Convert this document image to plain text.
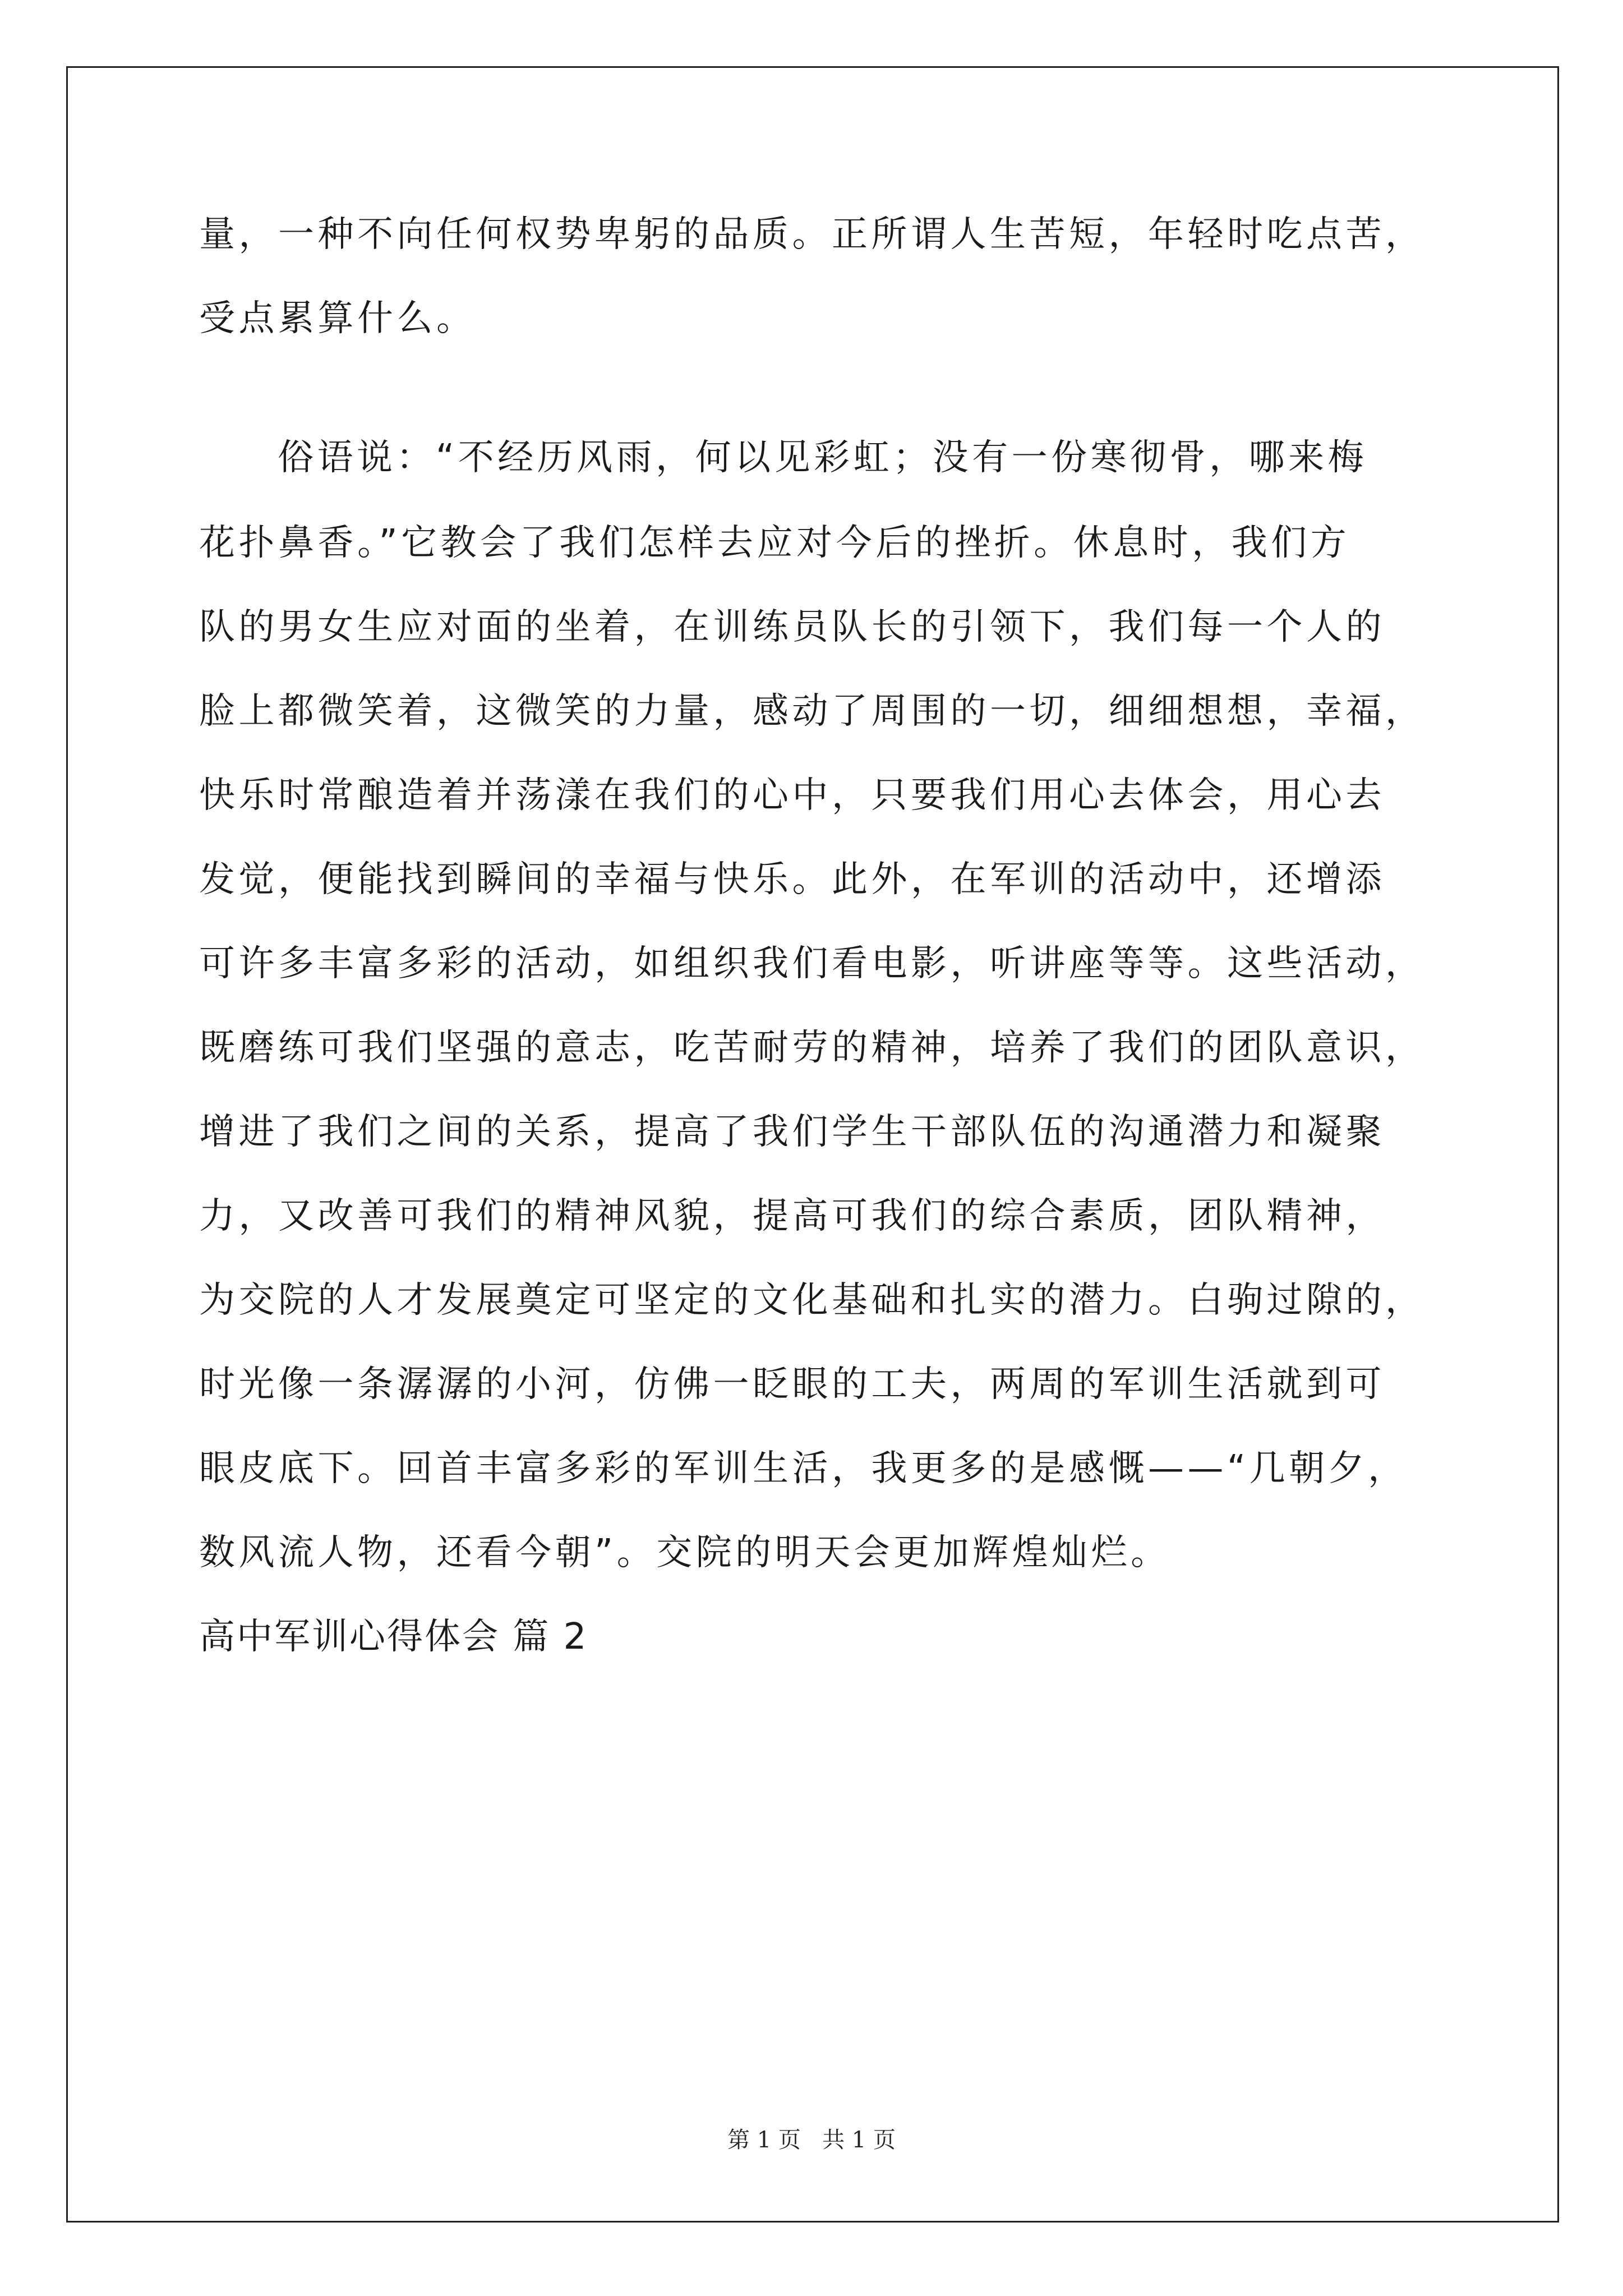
量，一种不向任何权势卑躬的品质。正所谓人生苦短，年轻时吃点苦，
受点累算什么。
俗语说：“不经历风雨，何以见彩虹；没有一份寒彻骨，哪来梅
花扑鼻香。”它教会了我们怎样去应对今后的挫折。休息时，我们方
队的男女生应对面的坐着，在训练员队长的引领下，我们每一个人的
脸上都微笑着，这微笑的力量，感动了周围的一切，细细想想，幸福，
快乐时常酿造着并荡漾在我们的心中，只要我们用心去体会，用心去
发觉，便能找到瞬间的幸福与快乐。此外，在军训的活动中，还增添
可许多丰富多彩的活动，如组织我们看电影，听讲座等等。这些活动，
既磨练可我们坚强的意志，吃苦耐劳的精神，培养了我们的团队意识，
增进了我们之间的关系，提高了我们学生干部队伍的沟通潜力和凝聚
力，又改善可我们的精神风貌，提高可我们的综合素质，团队精神，
为交院的人才发展奠定可坚定的文化基础和扎实的潜力。白驹过隙的，
时光像一条潺潺的小河，仿佛一眨眼的工夫，两周的军训生活就到可
眼皮底下。回首丰富多彩的军训生活，我更多的是感慨——“几朝夕，
数风流人物，还看今朝”。交院的明天会更加辉煌灿烂。
高中军训心得体会 篇 2
第 1 页   共 1 页
